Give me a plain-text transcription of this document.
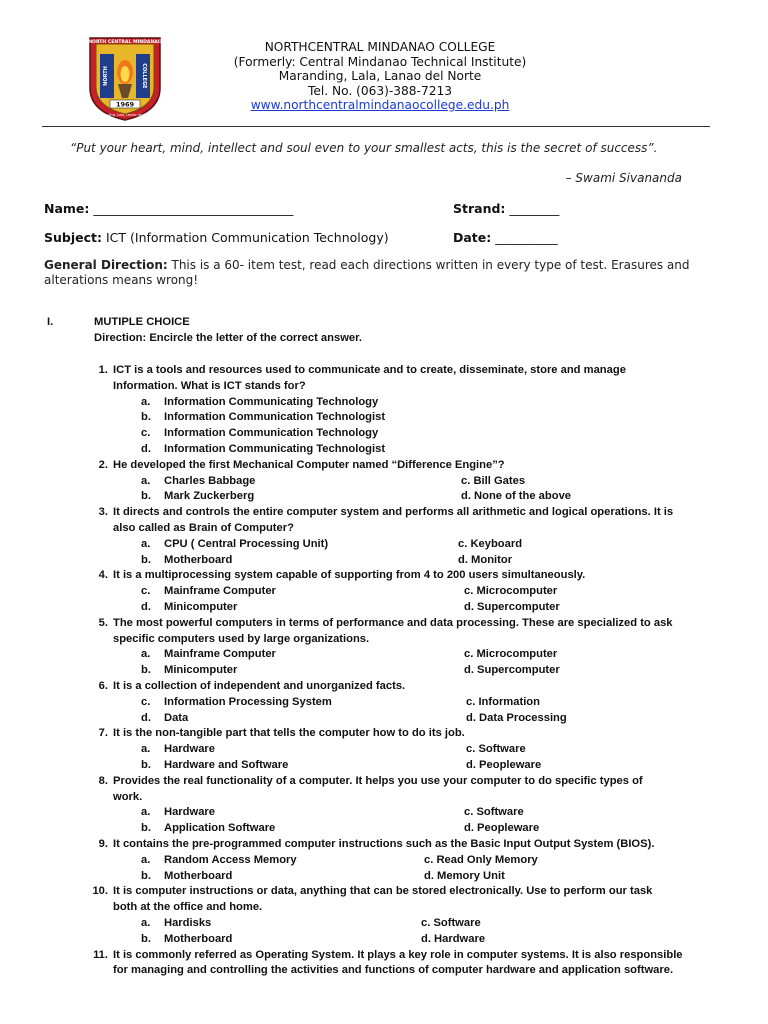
NORTH CENTRAL MINDANAO
NORTH	COLLEGE
1969
Maranding, Lala, Lanao del Norte
NORTHCENTRAL MINDANAO COLLEGE
(Formerly: Central Mindanao Technical Institute)
Maranding, Lala, Lanao del Norte
Tel. No. (063)-388-7213
www.northcentralmindanaocollege.edu.ph
“Put your heart, mind, intellect and soul even to your smallest acts, this is the secret of success”.
– Swami Sivananda
Name: ________________________________	Strand: ________
Subject: ICT (Information Communication Technology)	Date: __________
General Direction: This is a 60- item test, read each directions written in every type of test. Erasures and alterations means wrong!
I.	MUTIPLE CHOICE
Direction: Encircle the letter of the correct answer.
1. ICT is a tools and resources used to communicate and to create, disseminate, store and manage
Information. What is ICT stands for?
a. Information Communicating Technology
b. Information Communication Technologist
c. Information Communication Technology
d. Information Communicating Technologist
2. He developed the first Mechanical Computer named “Difference Engine”?
a. Charles Babbage	c. Bill Gates
b. Mark Zuckerberg	d. None of the above
3. It directs and controls the entire computer system and performs all arithmetic and logical operations. It is
also called as Brain of Computer?
a. CPU ( Central Processing Unit)	c. Keyboard
b. Motherboard	d. Monitor
4. It is a multiprocessing system capable of supporting from 4 to 200 users simultaneously.
c. Mainframe Computer	c. Microcomputer
d. Minicomputer	d. Supercomputer
5. The most powerful computers in terms of performance and data processing. These are specialized to ask
specific computers used by large organizations.
a. Mainframe Computer	c. Microcomputer
b. Minicomputer	d. Supercomputer
6. It is a collection of independent and unorganized facts.
c. Information Processing System	c. Information
d. Data	d. Data Processing
7. It is the non-tangible part that tells the computer how to do its job.
a. Hardware	c. Software
b. Hardware and Software	d. Peopleware
8. Provides the real functionality of a computer. It helps you use your computer to do specific types of
work.
a. Hardware	c. Software
b. Application Software	d. Peopleware
9. It contains the pre-programmed computer instructions such as the Basic Input Output System (BIOS).
a. Random Access Memory	c. Read Only Memory
b. Motherboard	d. Memory Unit
10. It is computer instructions or data, anything that can be stored electronically. Use to perform our task
both at the office and home.
a. Hardisks	c. Software
b. Motherboard	d. Hardware
11. It is commonly referred as Operating System. It plays a key role in computer systems. It is also responsible
for managing and controlling the activities and functions of computer hardware and application software.
